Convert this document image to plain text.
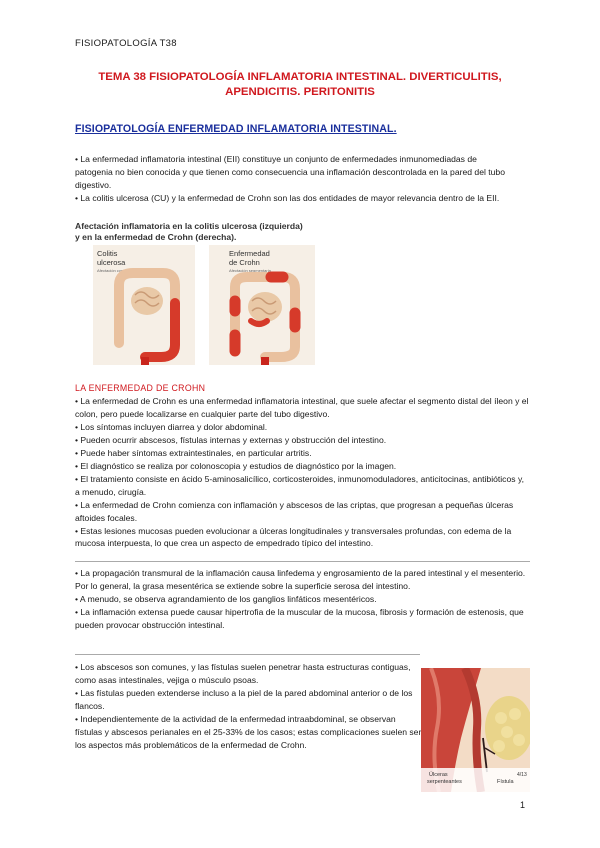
FISIOPATOLOGÍA T38
TEMA 38 FISIOPATOLOGÍA INFLAMATORIA INTESTINAL. DIVERTICULITIS,
APENDICITIS. PERITONITIS
FISIOPATOLOGÍA ENFERMEDAD INFLAMATORIA INTESTINAL.

• La enfermedad inflamatoria intestinal (EII) constituye un conjunto de enfermedades inmunomediadas de patogenia no bien conocida y que tienen como consecuencia una inflamación descontrolada en la pared del tubo digestivo.

• La colitis ulcerosa (CU) y la enfermedad de Crohn son las dos entidades de mayor relevancia dentro de la EII.

Afectación inflamatoria en la colitis ulcerosa (izquierda)
y en la enfermedad de Crohn (derecha).
Colitis
ulcerosa
Afectación continua
Enfermedad
de Crohn
Afectación segmentaria
LA ENFERMEDAD DE CROHN

• La enfermedad de Crohn es una enfermedad inflamatoria intestinal, que suele afectar el segmento distal del íleon y el colon, pero puede localizarse en cualquier parte del tubo digestivo.

• Los síntomas incluyen diarrea y dolor abdominal.

• Pueden ocurrir abscesos, fístulas internas y externas y obstrucción del intestino.

• Puede haber síntomas extraintestinales, en particular artritis.

• El diagnóstico se realiza por colonoscopia y estudios de diagnóstico por la imagen.

• El tratamiento consiste en ácido 5-aminosalicílico, corticosteroides, inmunomoduladores, anticitocinas, antibióticos y, a menudo, cirugía.

• La enfermedad de Crohn comienza con inflamación y abscesos de las criptas, que progresan a pequeñas úlceras aftoides focales.

• Estas lesiones mucosas pueden evolucionar a úlceras longitudinales y transversales profundas, con edema de la mucosa interpuesta, lo que crea un aspecto de empedrado típico del intestino.

• La propagación transmural de la inflamación causa linfedema y engrosamiento de la pared intestinal y el mesenterio. Por lo general, la grasa mesentérica se extiende sobre la superficie serosa del intestino.

• A menudo, se observa agrandamiento de los ganglios linfáticos mesentéricos.

• La inflamación extensa puede causar hipertrofia de la muscular de la mucosa, fibrosis y formación de estenosis, que pueden provocar obstrucción intestinal.

• Los abscesos son comunes, y las fístulas suelen penetrar hasta estructuras contiguas, como asas intestinales, vejiga o músculo psoas.

• Las fístulas pueden extenderse incluso a la piel de la pared abdominal anterior o de los flancos.

• Independientemente de la actividad de la enfermedad intraabdominal, se observan fístulas y abscesos perianales en el 25-33% de los casos; estas complicaciones suelen ser los aspectos más problemáticos de la enfermedad de Crohn.

Úlceras
serpenteantes	Fístula
4/13
1
